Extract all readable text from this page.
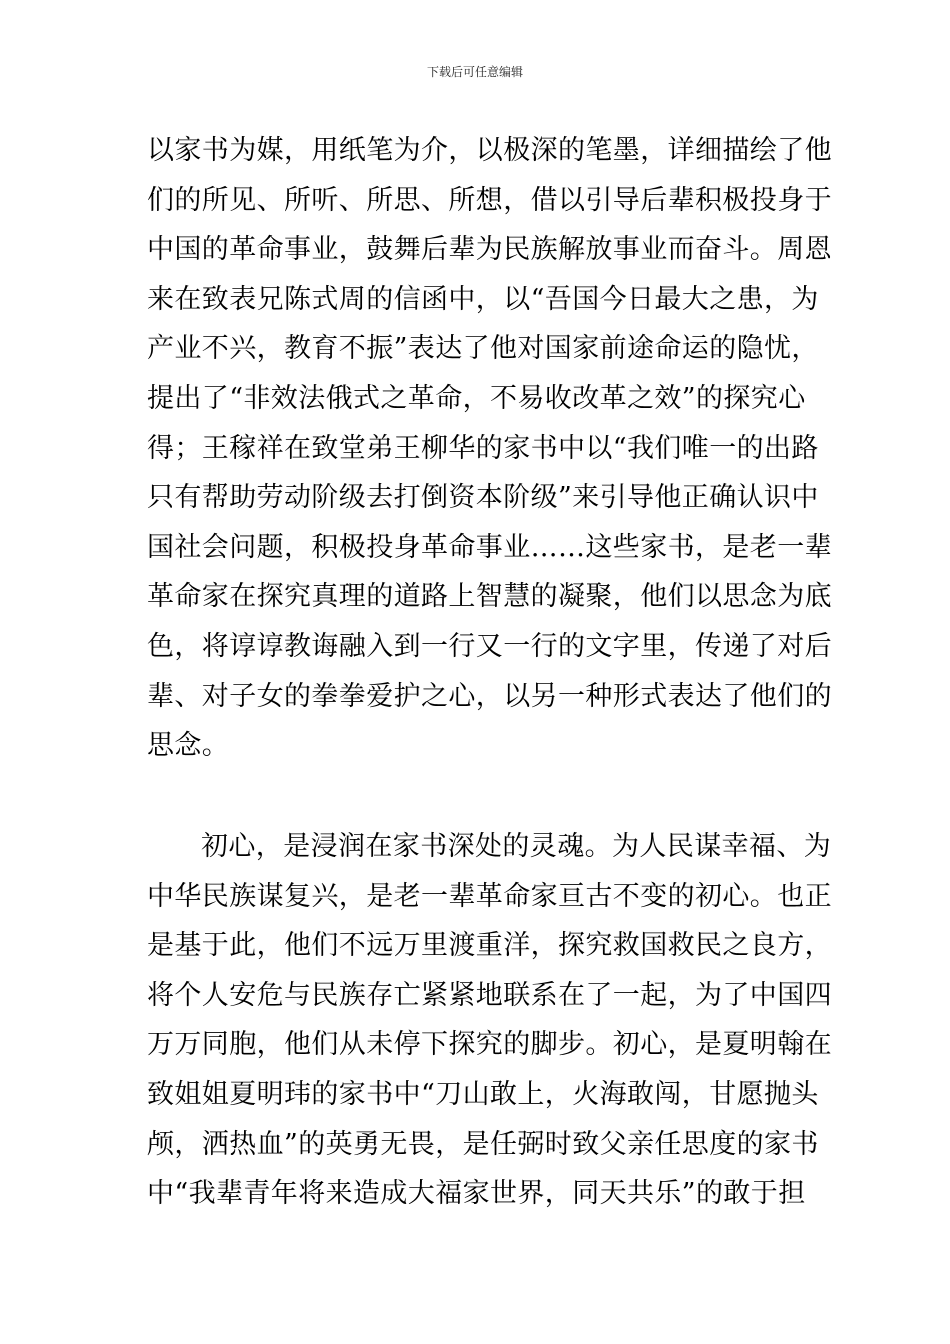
下载后可任意编辑
以家书为媒，用纸笔为介，以极深的笔墨，详细描绘了他
们的所见、所听、所思、所想，借以引导后辈积极投身于
中国的革命事业，鼓舞后辈为民族解放事业而奋斗。周恩
来在致表兄陈式周的信函中，以“吾国今日最大之患，为
产业不兴，教育不振”表达了他对国家前途命运的隐忧，
提出了“非效法俄式之革命，不易收改革之效”的探究心
得；王稼祥在致堂弟王柳华的家书中以“我们唯一的出路
只有帮助劳动阶级去打倒资本阶级”来引导他正确认识中
国社会问题，积极投身革命事业……这些家书，是老一辈
革命家在探究真理的道路上智慧的凝聚，他们以思念为底
色，将谆谆教诲融入到一行又一行的文字里，传递了对后
辈、对子女的拳拳爱护之心，以另一种形式表达了他们的
思念。
初心，是浸润在家书深处的灵魂。为人民谋幸福、为
中华民族谋复兴，是老一辈革命家亘古不变的初心。也正
是基于此，他们不远万里渡重洋，探究救国救民之良方，
将个人安危与民族存亡紧紧地联系在了一起，为了中国四
万万同胞，他们从未停下探究的脚步。初心，是夏明翰在
致姐姐夏明玮的家书中“刀山敢上，火海敢闯，甘愿抛头
颅，洒热血”的英勇无畏，是任弼时致父亲任思度的家书
中“我辈青年将来造成大福家世界，同天共乐”的敢于担
